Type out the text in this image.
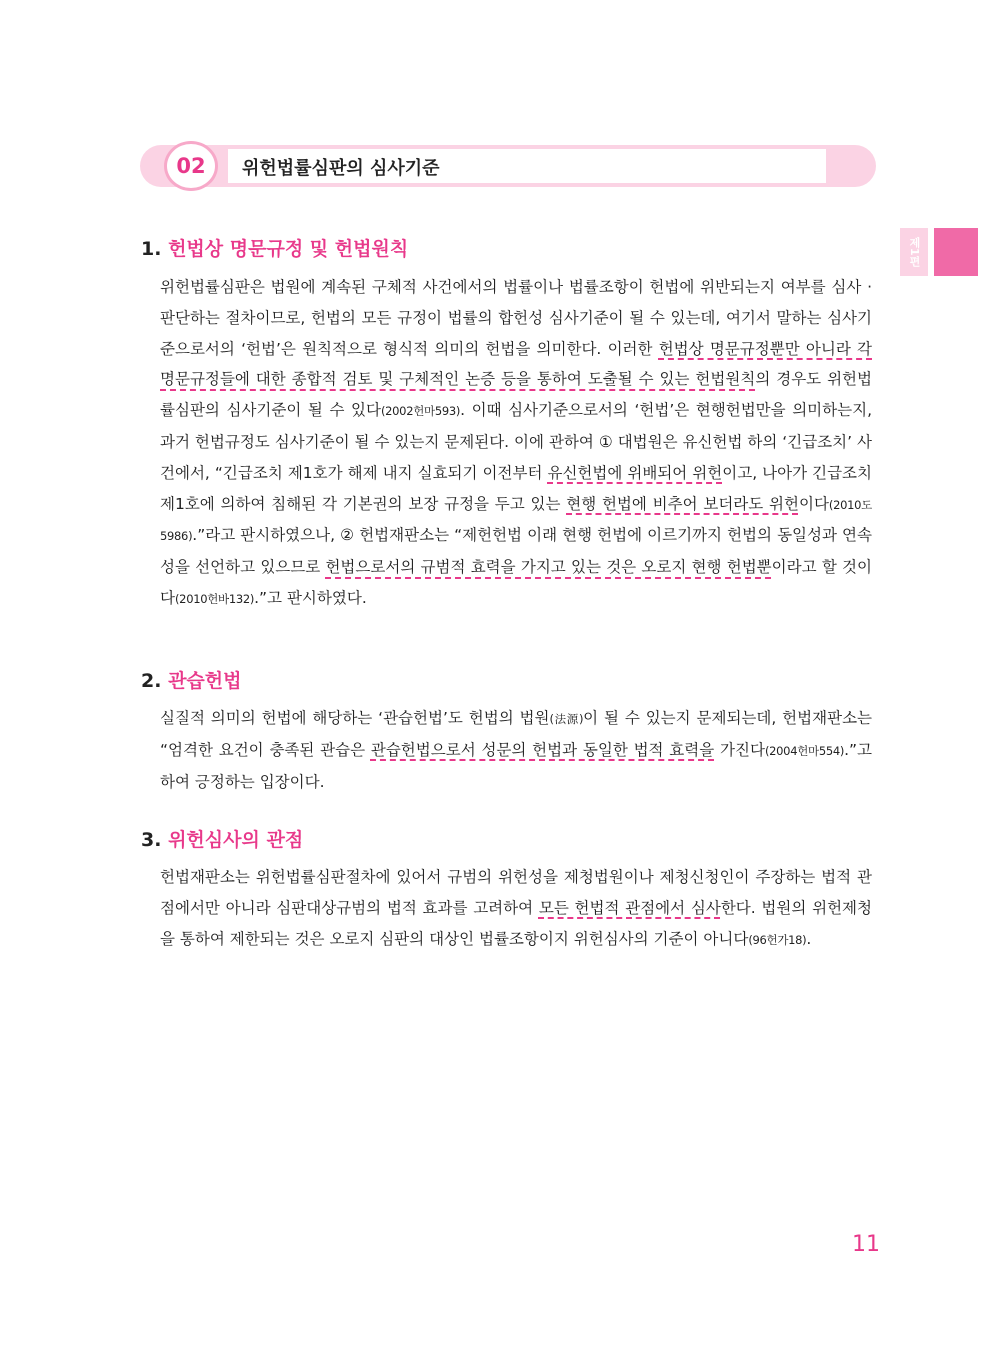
02	위헌법률심판의 심사기준
제1편
1. 헌법상 명문규정 및 헌법원칙

위헌법률심판은 법원에 계속된 구체적 사건에서의 법률이나 법률조항이 헌법에 위반되는지 여부를 심사 · 판단하는 절차이므로, 헌법의 모든 규정이 법률의 합헌성 심사기준이 될 수 있는데, 여기서 말하는 심사기준으로서의 ‘헌법’은 원칙적으로 형식적 의미의 헌법을 의미한다. 이러한 헌법상 명문규정뿐만 아니라 각 명문규정들에 대한 종합적 검토 및 구체적인 논증 등을 통하여 도출될 수 있는 헌법원칙의 경우도 위헌법률심판의 심사기준이 될 수 있다(2002헌마593). 이때 심사기준으로서의 ‘헌법’은 현행헌법만을 의미하는지, 과거 헌법규정도 심사기준이 될 수 있는지 문제된다. 이에 관하여 ① 대법원은 유신헌법 하의 ‘긴급조치’ 사건에서, “긴급조치 제1호가 해제 내지 실효되기 이전부터 유신헌법에 위배되어 위헌이고, 나아가 긴급조치 제1호에 의하여 침해된 각 기본권의 보장 규정을 두고 있는 현행 헌법에 비추어 보더라도 위헌이다(2010도5986).”라고 판시하였으나, ② 헌법재판소는 “제헌헌법 이래 현행 헌법에 이르기까지 헌법의 동일성과 연속성을 선언하고 있으므로 헌법으로서의 규범적 효력을 가지고 있는 것은 오로지 현행 헌법뿐이라고 할 것이다(2010헌바132).”고 판시하였다.

2. 관습헌법

실질적 의미의 헌법에 해당하는 ‘관습헌법’도 헌법의 법원(法源)이 될 수 있는지 문제되는데, 헌법재판소는 “엄격한 요건이 충족된 관습은 관습헌법으로서 성문의 헌법과 동일한 법적 효력을 가진다(2004헌마554).”고 하여 긍정하는 입장이다.

3. 위헌심사의 관점

헌법재판소는 위헌법률심판절차에 있어서 규범의 위헌성을 제청법원이나 제청신청인이 주장하는 법적 관점에서만 아니라 심판대상규범의 법적 효과를 고려하여 모든 헌법적 관점에서 심사한다. 법원의 위헌제청을 통하여 제한되는 것은 오로지 심판의 대상인 법률조항이지 위헌심사의 기준이 아니다(96헌가18).

11
